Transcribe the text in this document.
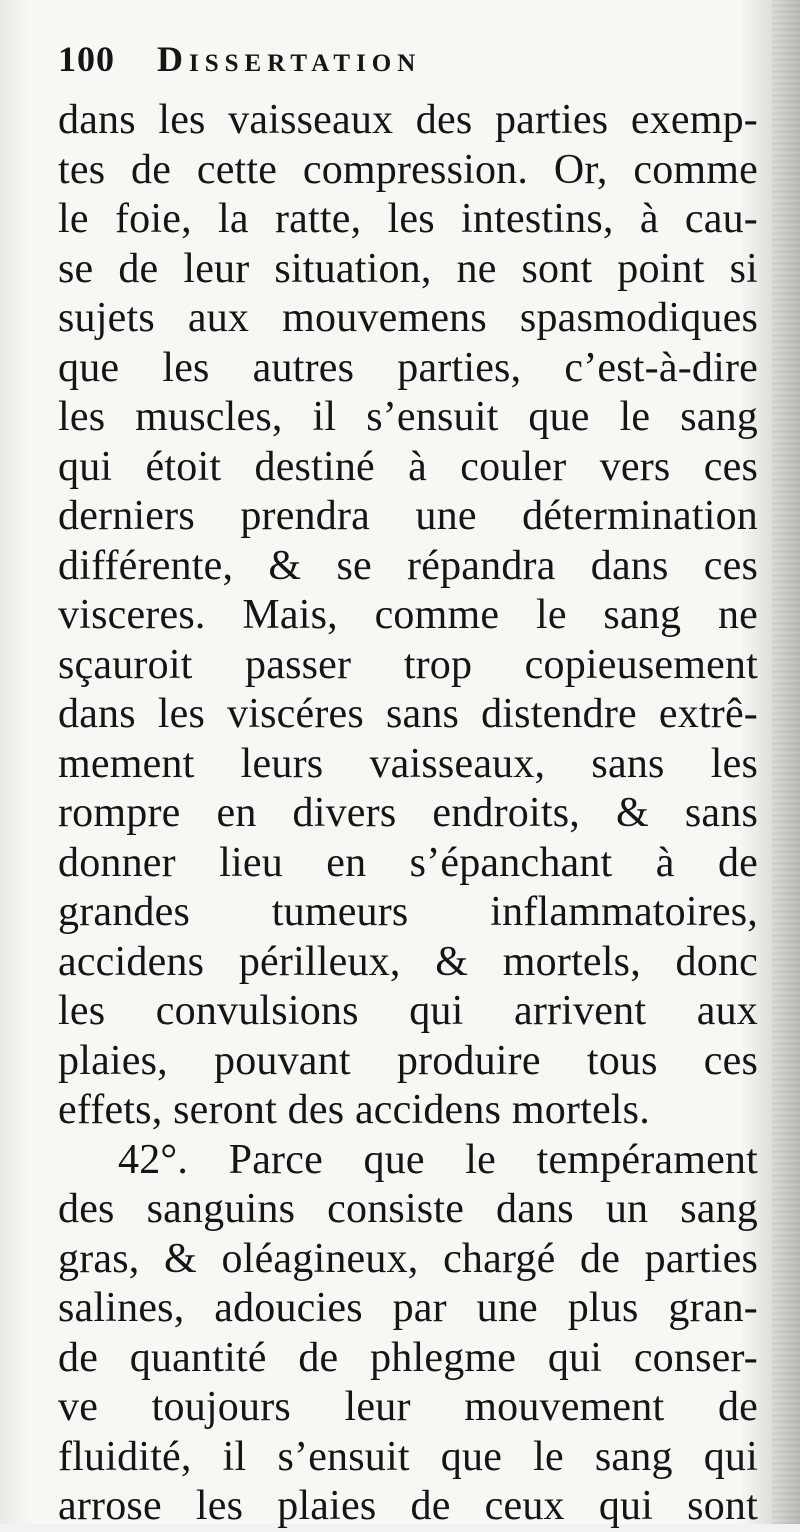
100 Dissertation
dans les vaisseaux des parties exemp-
tes de cette compression. Or, comme
le foie, la ratte, les intestins, à cau-
se de leur situation, ne sont point si
sujets aux mouvemens spasmodiques
que les autres parties, c’est-à-dire
les muscles, il s’ensuit que le sang
qui étoit destiné à couler vers ces
derniers prendra une détermination
différente, & se répandra dans ces
visceres. Mais, comme le sang ne
sçauroit passer trop copieusement
dans les viscéres sans distendre extrê-
mement leurs vaisseaux, sans les
rompre en divers endroits, & sans
donner lieu en s’épanchant à de
grandes tumeurs inflammatoires,
accidens périlleux, & mortels, donc
les convulsions qui arrivent aux
plaies, pouvant produire tous ces
effets, seront des accidens mortels.
42°. Parce que le tempérament
des sanguins consiste dans un sang
gras, & oléagineux, chargé de parties
salines, adoucies par une plus gran-
de quantité de phlegme qui conser-
ve toujours leur mouvement de
fluidité, il s’ensuit que le sang qui
arrose les plaies de ceux qui sont
